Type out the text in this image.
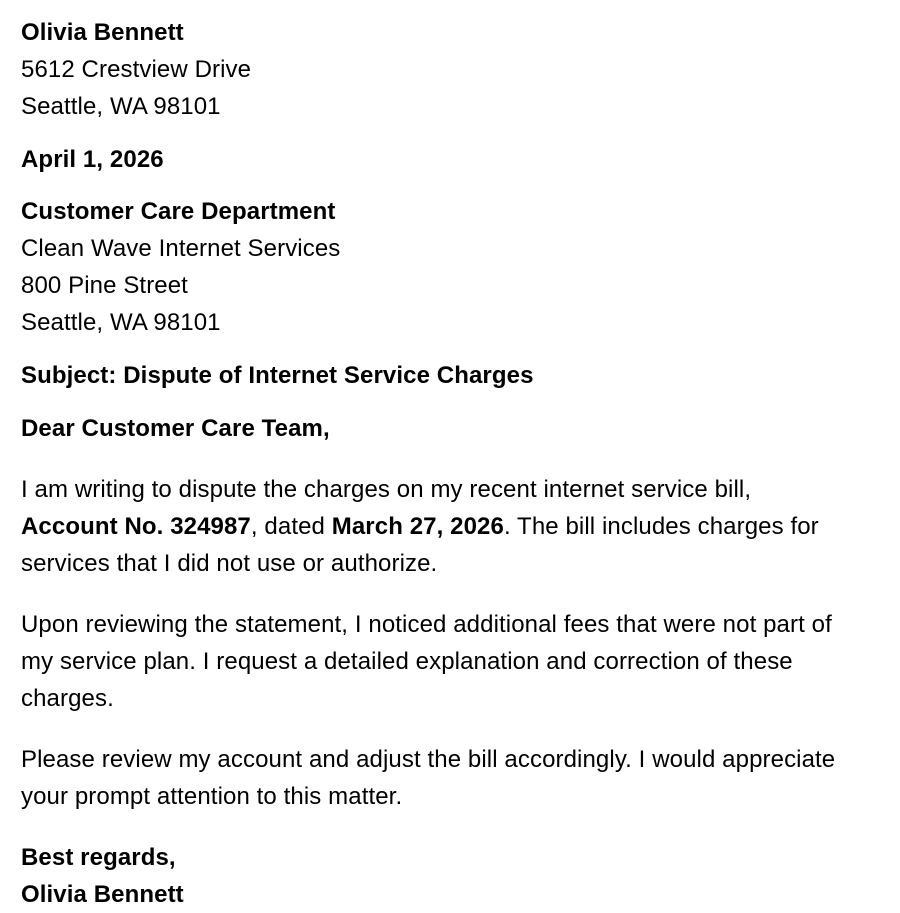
Olivia Bennett
5612 Crestview Drive
Seattle, WA 98101
April 1, 2026
Customer Care Department
Clean Wave Internet Services
800 Pine Street
Seattle, WA 98101
Subject: Dispute of Internet Service Charges
Dear Customer Care Team,

I am writing to dispute the charges on my recent internet service bill, Account No. 324987, dated March 27, 2026. The bill includes charges for services that I did not use or authorize.

Upon reviewing the statement, I noticed additional fees that were not part of my service plan. I request a detailed explanation and correction of these charges.

Please review my account and adjust the bill accordingly. I would appreciate your prompt attention to this matter.

Best regards,
Olivia Bennett
